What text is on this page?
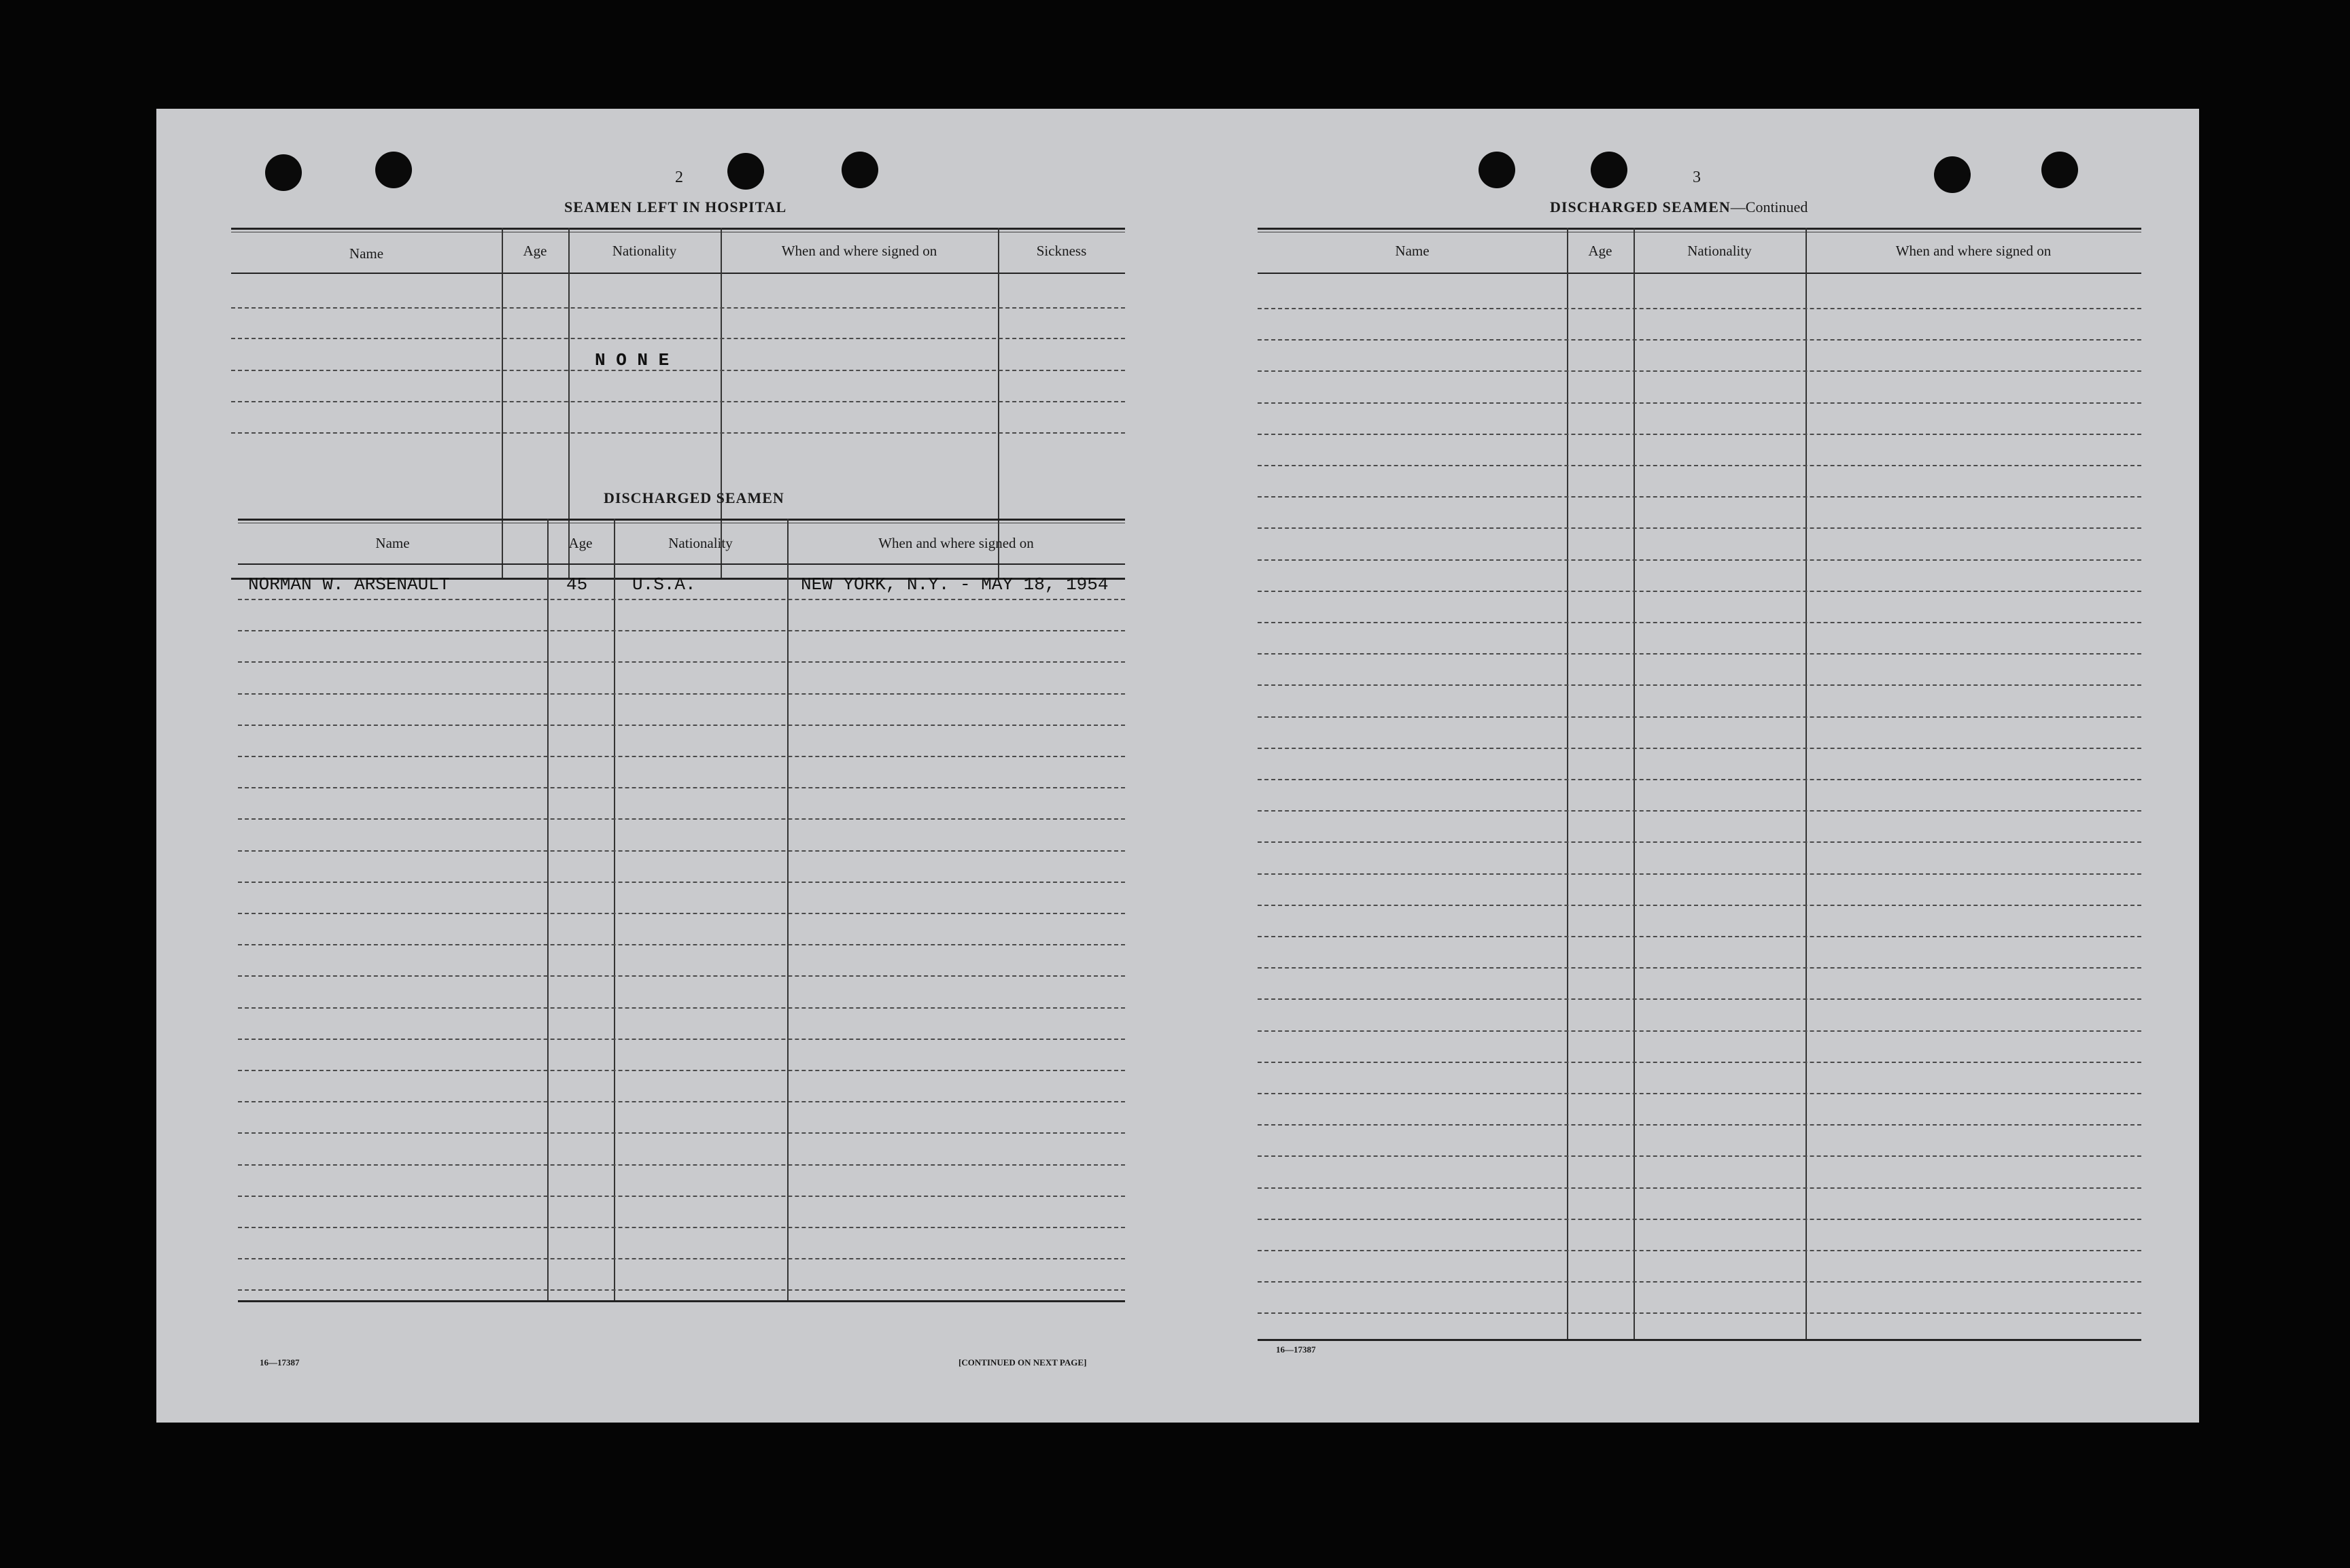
2
SEAMEN LEFT IN HOSPITAL
Name	Age	Nationality	When and where signed on	Sickness
N O N E
DISCHARGED SEAMEN
Name	Age	Nationality	When and where signed on
NORMAN W. ARSENAULT	45	U.S.A.	NEW YORK, N.Y. - MAY 18, 1954
16—17387	[CONTINUED ON NEXT PAGE]
3
DISCHARGED SEAMEN—Continued
Name	Age	Nationality	When and where signed on
16—17387
